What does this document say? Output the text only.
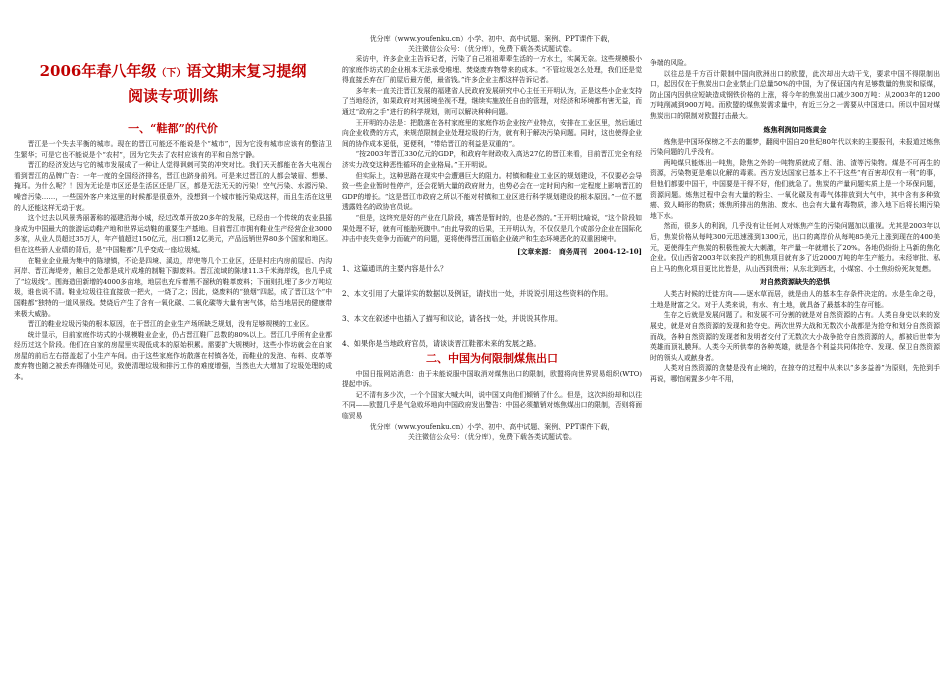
2006年春八年级（下）语文期末复习提纲
阅读专项训练
一、“鞋都”的代价

晋江是一个失去平衡的城市。现在的晋江可能还不能说是个“城市”，因为它没有城市应该有的整洁卫生繁华；可是它也不能说是个“农村”，因为它失去了农村应该有的平和自然宁静。

晋江的经济发达与它的城市发展成了一种让人觉得讽刺可笑的冲突对比。我们天天都能在各大电视台看到晋江的品牌广告：一年一度的全国经济排名，晋江也跻身前列。可是来过晋江的人都会皱眉、想暴、掩耳。为什么呢？！因为无论是市区还是生活区还是厂区，都是无法无天的污染！空气污染、水源污染、噪音污染……，一些国外客户来这里的时候都是很意外，没想到一个城市能污染成这样，而且生活在这里的人还能这样无动于衷。

这个过去以风景秀丽著称的福建沿海小城，经过改革开放20多年的发展，已经由一个传统的农业县摇身成为中国最大的旅游运动鞋产地和世界运动鞋的重要生产基地。目前晋江市拥有鞋业生产经营企业3000多家，从业人员超过35万人，年产值超过150亿元，出口额12亿美元，产品远销世界80多个国家和地区。但在这些骄人业绩的背后，是“中国鞋都”几乎变成一座垃圾城。

在鞋业企业最为集中的陈埭镇，不论是四境、溪边，岸兜等几个工业区，还是村庄内房前屋后、内沟河岸、晋江海堤旁，触目之处都是成片成堆的制鞋下脚废料。晋江流域的陈埭11.3千米海岸线，也几乎成了“垃圾线”。围海造田新增的4000多亩地，地层也充斥着黑不溜秋的鞋革废料；下面则扎埋了多少万吨垃圾，谁也说不清。鞋业垃圾往往直接放一把火，一烧了之；因此，烧废料的“狼烟”四起，成了晋江这个“中国鞋都”独特的一道风景线。焚烧后产生了含有一氧化碳、二氧化碳等大量有害气体，给当地居民的健康带来极大威胁。

晋江的鞋业垃圾污染的根本原因，在于晋江的企业生产场所缺乏规划，没有足够规模的工业区。

统计显示，目前家庭作坊式的小规模鞋业企业，仍占晋江鞋厂总数的80%以上。晋江几乎所有企业都经历过这个阶段。他们在自家的房屋里实现低成本的原始积累。需要扩大规模时，这些小作坊就会在自家房屋的前后左右搭盖起了小生产车间。由于这些家庭作坊散落在村镇各处，而鞋业的发泡、布料、皮革等废弃物也随之被丢弃得随处可见，致使清理垃圾和排污工作的难度增强，当然也大大增加了垃圾处理的成本。

优分库（www.youfenku.cn）小学、初中、高中试题、案例、PPT课件下载，
关注微信公众号：（优分库），免费下载各类试题试卷。

采访中，许多企业主告诉记者，污染了自己祖祖辈辈生活的一方水土，实属无奈。这些规模极小的家庭作坊式的企业根本无法承受堆埋、焚烧废弃物带来的成本。“不管垃圾怎么处理，我们还是觉得直接丢弃在厂前屋后最方便，最省钱。”许多企业主都这样告诉记者。

多年来一直关注晋江发展的福建省人民政府发展研究中心主任王开明认为，正是这些小企业支持了当地经济，如果政府对其困境坐视不理，继续实施放任自由的管理，对经济和环境都有害无益，而通过“政府之手”进行的科学规划，则可以解决种种问题。

王开明的办法是：把散落在各村家庭里的家庭作坊企业按产业特点，安排在工业区里，然后通过向企业收费的方式，来规范限制企业处理垃圾的行为，就有利于解决污染问题。同时，这也使得企业间的协作成本更低，更便利，“带给晋江的利益是双重的”。

“按2003年晋江330亿元的GDP，和政府年财政收入高达27亿的晋江来看，目前晋江完全有经济实力改变这种恶性循环的企业格局。”王开明说。

但实际上，这种思路在现实中会遭遇巨大的阻力。村镇和鞋业工业区的规划建设，不仅要必会导致一些企业暂时性停产，还会花销大量的政府财力，也势必会在一定时间内和一定程度上影响晋江的GDP的增长。“这是晋江市政府之所以不能对村镇和工业区进行科学规划建设的根本原因。”一位不愿透露姓名的政协官员说。

“但是，这终究是好的产业在几阶段，痛苦是暂时的，也是必然的。”王开明比喻说，“这个阶段如果处理不好，就有可能胎死腹中。”由此导致的后果，王开明认为，不仅仅是几个或部分企业在国际化冲击中丧失竞争力而破产的问题，更将使得晋江面临企业破产和生态环境恶化的双重困境中。

[文章来源：　商务周刊　2004-12-10]

1、这篇通讯的主要内容是什么？

2、本文引用了大量详实的数据以及例证，请找出一处，并说说引用这些资料的作用。

3、本文在叙述中也插入了描写和议论，请各找一处，并说说其作用。

4、如果你是当地政府官员，请谈谈晋江鞋都未来的发展之路。

二、中国为何限制煤焦出口

中国日报网站消息：由于未能说服中国取消对煤焦出口的限制，欧盟将向世界贸易组织(WTO)提起申诉。

记不清有多少次，一个个国家大喊大叫，说中国又向他们倾销了什么。但是，这次纠纷却和以往不同——欧盟几乎是气急败坏地向中国政府发出警告：中国必须撤销对炼焦煤出口的限制，否则将面临贸易

优分库（www.youfenku.cn）小学、初中、高中试题、案例、PPT课件下载，
关注微信公众号：（优分库），免费下载各类试题试卷。

争端的风险。

以往总是千方百计限制中国向欧洲出口的欧盟，此次却出大动干戈，要求中国不得限制出口，起因仅在于焦炭出口企业禁止门总量50%的中国，为了保证国内有足够数量的焦炭和原煤，防止国内因供应短缺造成钢铁价格的上涨，将今年的焦炭出口减少300万吨：从2003年的1200万吨削减到900万吨。而欧盟的煤焦炭需求量中，有近三分之一需要从中国进口。所以中国对煤焦炭出口的限制对欧盟打击最大。

炼焦利润如同炼黄金

炼焦是中国环保榜之不去的噩梦，翻阅中国自20世纪80年代以来的主要报刊，未报道过炼焦污染问题的几乎没有。

两吨煤只能炼出一吨焦，除焦之外的一吨物质就成了烟、油、渣等污染物。煤是不可再生的资源，污染物更是难以化解的毒素。西方发达国家已基本上不干这些“有百害却仅有一利”的事，但他们都要中国干，中国要是干得不好，他们就急了。焦炭的产量问题实质上是一个环保问题，资源问题。炼焦过程中会有大量的粉尘、一氧化碳及有毒气体排放到大气中，其中含有多种致癌、致人畸形的物质；炼焦所排出的焦油、废水、也会有大量有毒物质，渗入地下后将长期污染地下水。

然而，很多人的利润，几乎没有让任何人对炼焦产生的污染问题加以重视。尤其是2003年以后，焦炭价格从每吨300元迅速涨到1300元，出口的离岸价从每吨85美元上涨到现在的400美元，更使得生产焦炭的积极性被大大刺激，年产量一年就增长了20%。各地仍纷纷上马新的焦化企业。仅山西省2003年以来投产的机焦项目就有多了近2000万吨的年生产能力。未经审批、私自上马的焦化项目更比比皆是，从山西到贵州；从东北到西北，小煤窑、小土焦纷纷死灰复燃。

对自然资源缺失的恐惧

人类古时候的迁徙方向——逐水草而居，就是由人的基本生存条件决定的。水是生命之母，土地是财富之父。对于人类来说，有水、有土地，就具备了最基本的生存可能。

生存之后就是发展问题了。和发展不可分割的就是对自然资源的占有。人类自身史以来的发展史，就是对自然资源的发现和抢夺史。两次世界大战和无数次小战都是为抢夺和划分自然资源而战，各种自然资源的发现者和发明者交付了无数次大小战争抢夺自然资源的人，都被后世奉为英雄而顶礼膜拜。人类今天所供奉的各种英雄，就是各个利益共同体抢夺、发现、保卫自然资源时的领头人或献身者。

人类对自然资源的贪婪是没有止境的，在掠夺的过程中从来以“多多益善”为原则，先抢到手再说，哪怕闲置多少年不用，
